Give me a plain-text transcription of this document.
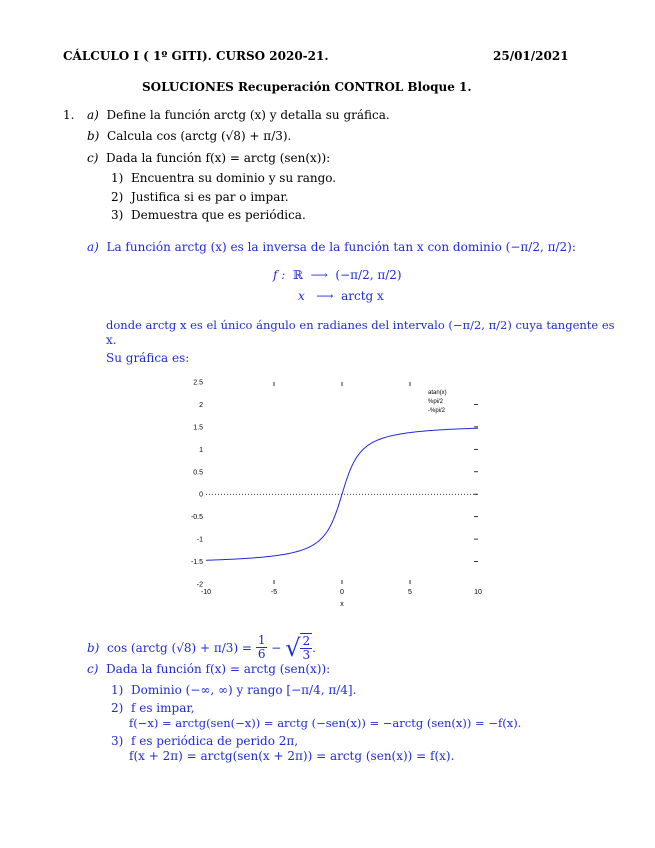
CÁLCULO I ( 1º GITI). CURSO 2020-21.	25/01/2021
SOLUCIONES Recuperación CONTROL Bloque 1.
1. a) Define la función arctg (x) y detalla su gráfica.
b) Calcula cos (arctg (√8) + π/3).
c) Dada la función f(x) = arctg (sen(x)):
1) Encuentra su dominio y su rango.
2) Justifica si es par o impar.
3) Demuestra que es periódica.
a) La función arctg (x) es la inversa de la función tan x con dominio (−π/2, π/2):
f : ℝ ⟶ (−π/2, π/2)
x ⟶ arctg x
donde arctg x es el único ángulo en radianes del intervalo (−π/2, π/2) cuya tangente es
x.
Su gráfica es:
2.5
2
1.5
1
0.5
0
-0.5
-1
-1.5
-2
-10	-5	0	5	10
x
atan(x)
%pi/2
-%pi/2
b)
cos (arctg (√8) + π/3) =
$\frac{1}{6}$
−
√ 2
3
.
c) Dada la función f(x) = arctg (sen(x)):
1) Dominio (−∞, ∞) y rango [−π/4, π/4].
2) f es impar,
f(−x) = arctg(sen(−x)) = arctg (−sen(x)) = −arctg (sen(x)) = −f(x).
3) f es periódica de perido 2π,
f(x + 2π) = arctg(sen(x + 2π)) = arctg (sen(x)) = f(x).
